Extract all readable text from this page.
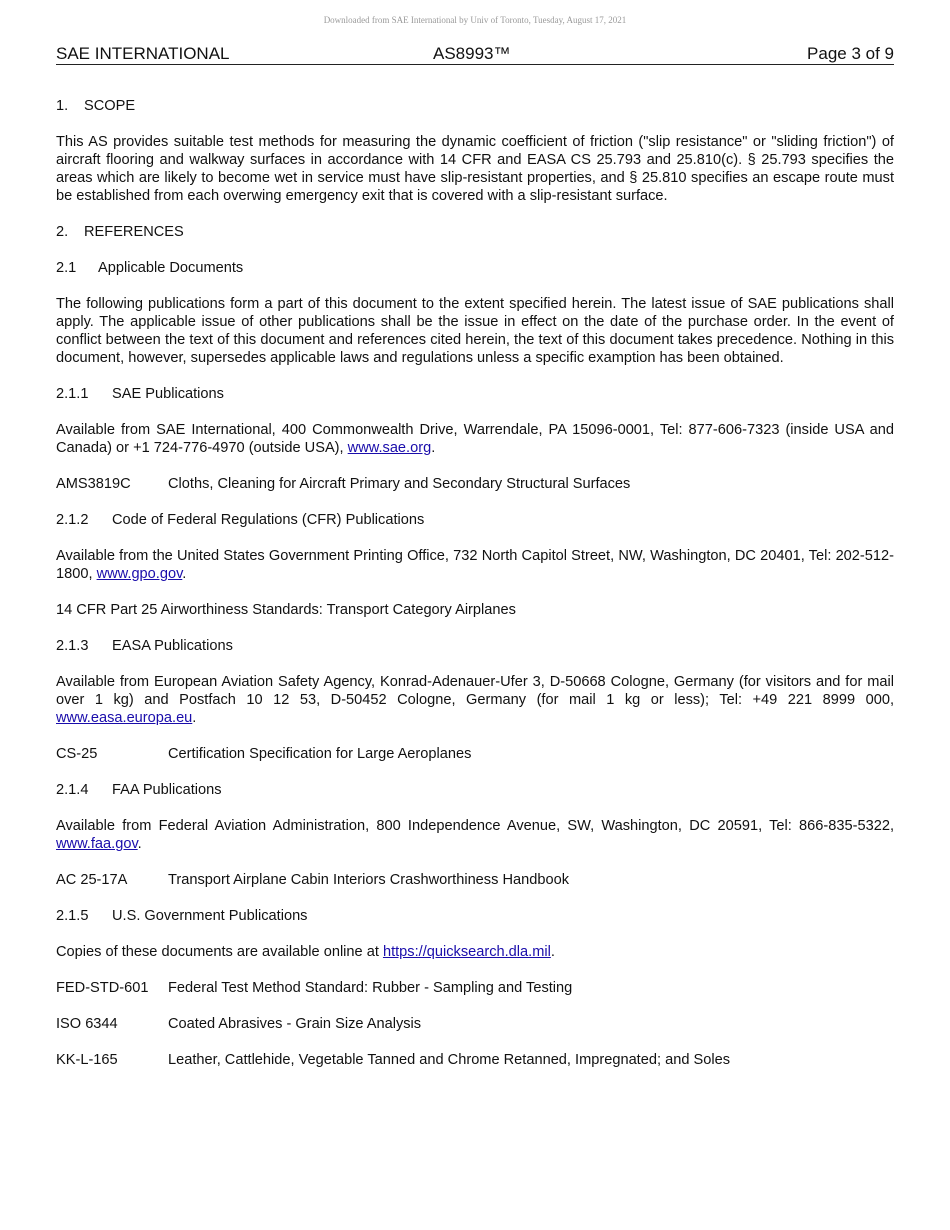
Downloaded from SAE International by Univ of Toronto, Tuesday, August 17, 2021
SAE INTERNATIONAL	AS8993™	Page 3 of 9
1.	SCOPE

This AS provides suitable test methods for measuring the dynamic coefficient of friction ("slip resistance" or "sliding friction") of aircraft flooring and walkway surfaces in accordance with 14 CFR and EASA CS 25.793 and 25.810(c). § 25.793 specifies the areas which are likely to become wet in service must have slip-resistant properties, and § 25.810 specifies an escape route must be established from each overwing emergency exit that is covered with a slip-resistant surface.

2.	REFERENCES
2.1	Applicable Documents

The following publications form a part of this document to the extent specified herein. The latest issue of SAE publications shall apply. The applicable issue of other publications shall be the issue in effect on the date of the purchase order. In the event of conflict between the text of this document and references cited herein, the text of this document takes precedence. Nothing in this document, however, supersedes applicable laws and regulations unless a specific examption has been obtained.

2.1.1	SAE Publications

Available from SAE International, 400 Commonwealth Drive, Warrendale, PA 15096-0001, Tel: 877-606-7323 (inside USA and Canada) or +1 724-776-4970 (outside USA), www.sae.org.

AMS3819C	Cloths, Cleaning for Aircraft Primary and Secondary Structural Surfaces
2.1.2	Code of Federal Regulations (CFR) Publications

Available from the United States Government Printing Office, 732 North Capitol Street, NW, Washington, DC 20401, Tel: 202-512-1800, www.gpo.gov.

14 CFR Part 25 Airworthiness Standards: Transport Category Airplanes

2.1.3	EASA Publications

Available from European Aviation Safety Agency, Konrad-Adenauer-Ufer 3, D-50668 Cologne, Germany (for visitors and for mail over 1 kg) and Postfach 10 12 53, D-50452 Cologne, Germany (for mail 1 kg or less); Tel: +49 221 8999 000, www.easa.europa.eu.

CS-25	Certification Specification for Large Aeroplanes
2.1.4	FAA Publications

Available from Federal Aviation Administration, 800 Independence Avenue, SW, Washington, DC 20591, Tel: 866-835-5322, www.faa.gov.

AC 25-17A	Transport Airplane Cabin Interiors Crashworthiness Handbook
2.1.5	U.S. Government Publications

Copies of these documents are available online at https://quicksearch.dla.mil.

FED-STD-601	Federal Test Method Standard: Rubber - Sampling and Testing
ISO 6344	Coated Abrasives - Grain Size Analysis
KK-L-165	Leather, Cattlehide, Vegetable Tanned and Chrome Retanned, Impregnated; and Soles
